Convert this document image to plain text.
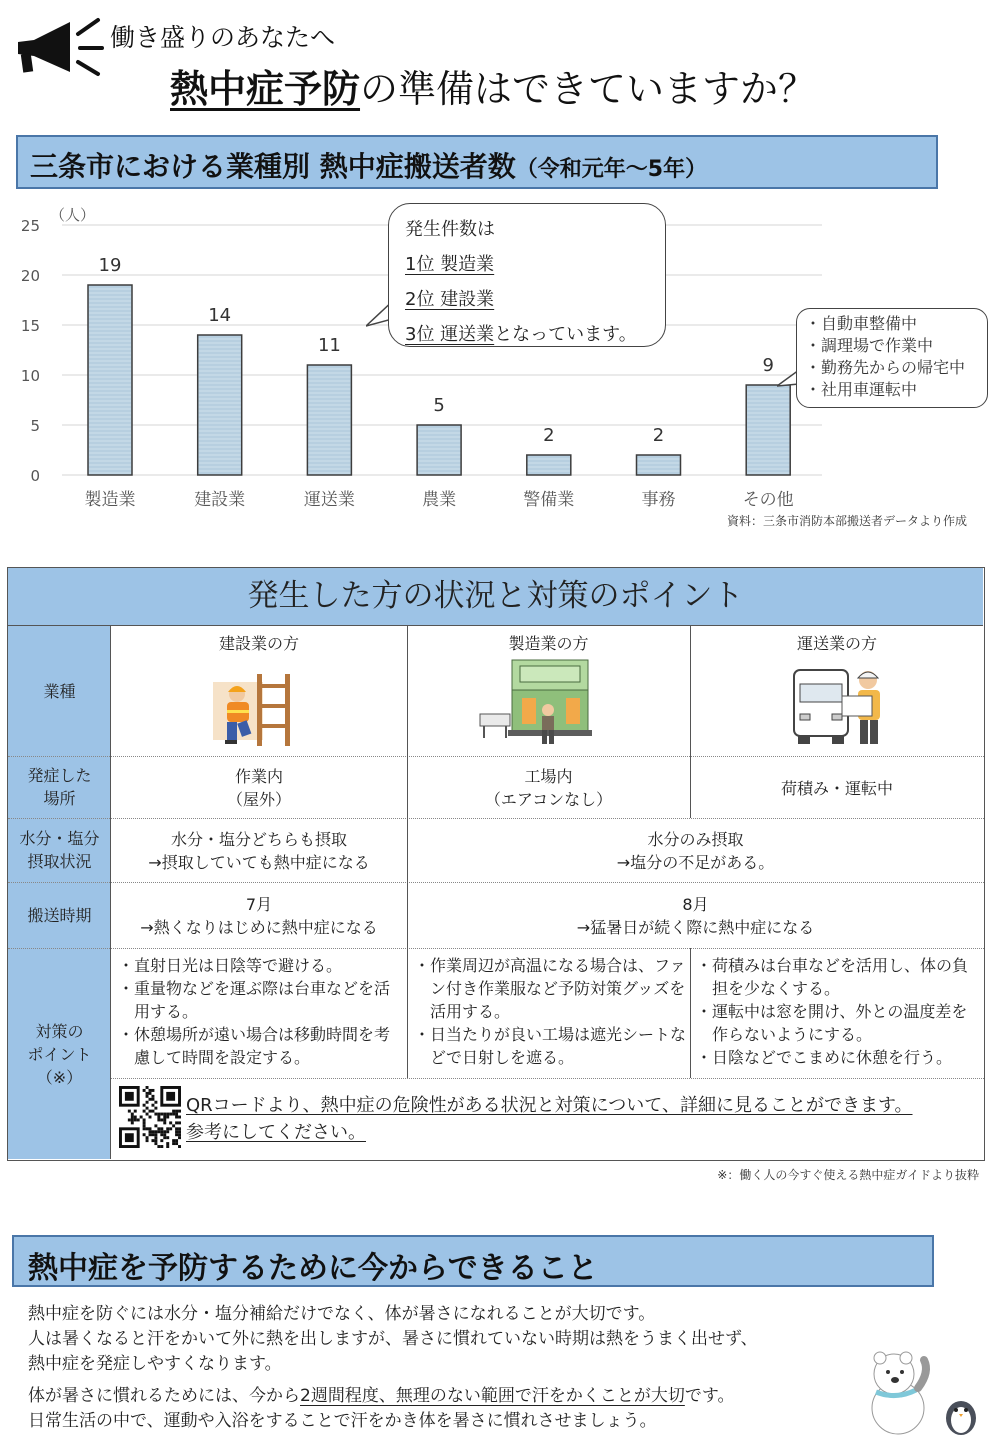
働き盛りのあなたへ
熱中症予防の準備はできていますか？
三条市における業種別 熱中症搬送者数（令和元年～5年）
0
5
10
15
20
25
（人）
19
製造業
14
建設業
11
運送業
5
農業
2
警備業
2
事務
9
その他
発生件数は
1位 製造業
2位 建設業
3位 運送業となっています。
・自動車整備中
・調理場で作業中
・勤務先からの帰宅中
・社用車運転中
資料：三条市消防本部搬送者データより作成
発生した方の状況と対策のポイント
業種
発症した
場所
水分・塩分
摂取状況
搬送時期
対策の
ポイント
（※）
建設業の方	製造業の方	運送業の方
作業内
（屋外）
工場内
（エアコンなし）
荷積み・運転中
水分・塩分どちらも摂取
→摂取していても熱中症になる
水分のみ摂取
→塩分の不足がある。
7月
→熱くなりはじめに熱中症になる
8月
→猛暑日が続く際に熱中症になる
・直射日光は日陰等で避ける。
・重量物などを運ぶ際は台車などを活用する。
・休憩場所が遠い場合は移動時間を考慮して時間を設定する。
・作業周辺が高温になる場合は、ファン付き作業服など予防対策グッズを活用する。
・日当たりが良い工場は遮光シートなどで日射しを遮る。
・荷積みは台車などを活用し、体の負担を少なくする。
・運転中は窓を開け、外との温度差を作らないようにする。
・日陰などでこまめに休憩を行う。
QRコードより、熱中症の危険性がある状況と対策について、詳細に見ることができます。
参考にしてください。
※：働く人の今すぐ使える熱中症ガイドより抜粋
熱中症を予防するために今からできること
熱中症を防ぐには水分・塩分補給だけでなく、体が暑さになれることが大切です。
人は暑くなると汗をかいて外に熱を出しますが、暑さに慣れていない時期は熱をうまく出せず、
熱中症を発症しやすくなります。
体が暑さに慣れるためには、今から2週間程度、無理のない範囲で汗をかくことが大切です。
日常生活の中で、運動や入浴をすることで汗をかき体を暑さに慣れさせましょう。
